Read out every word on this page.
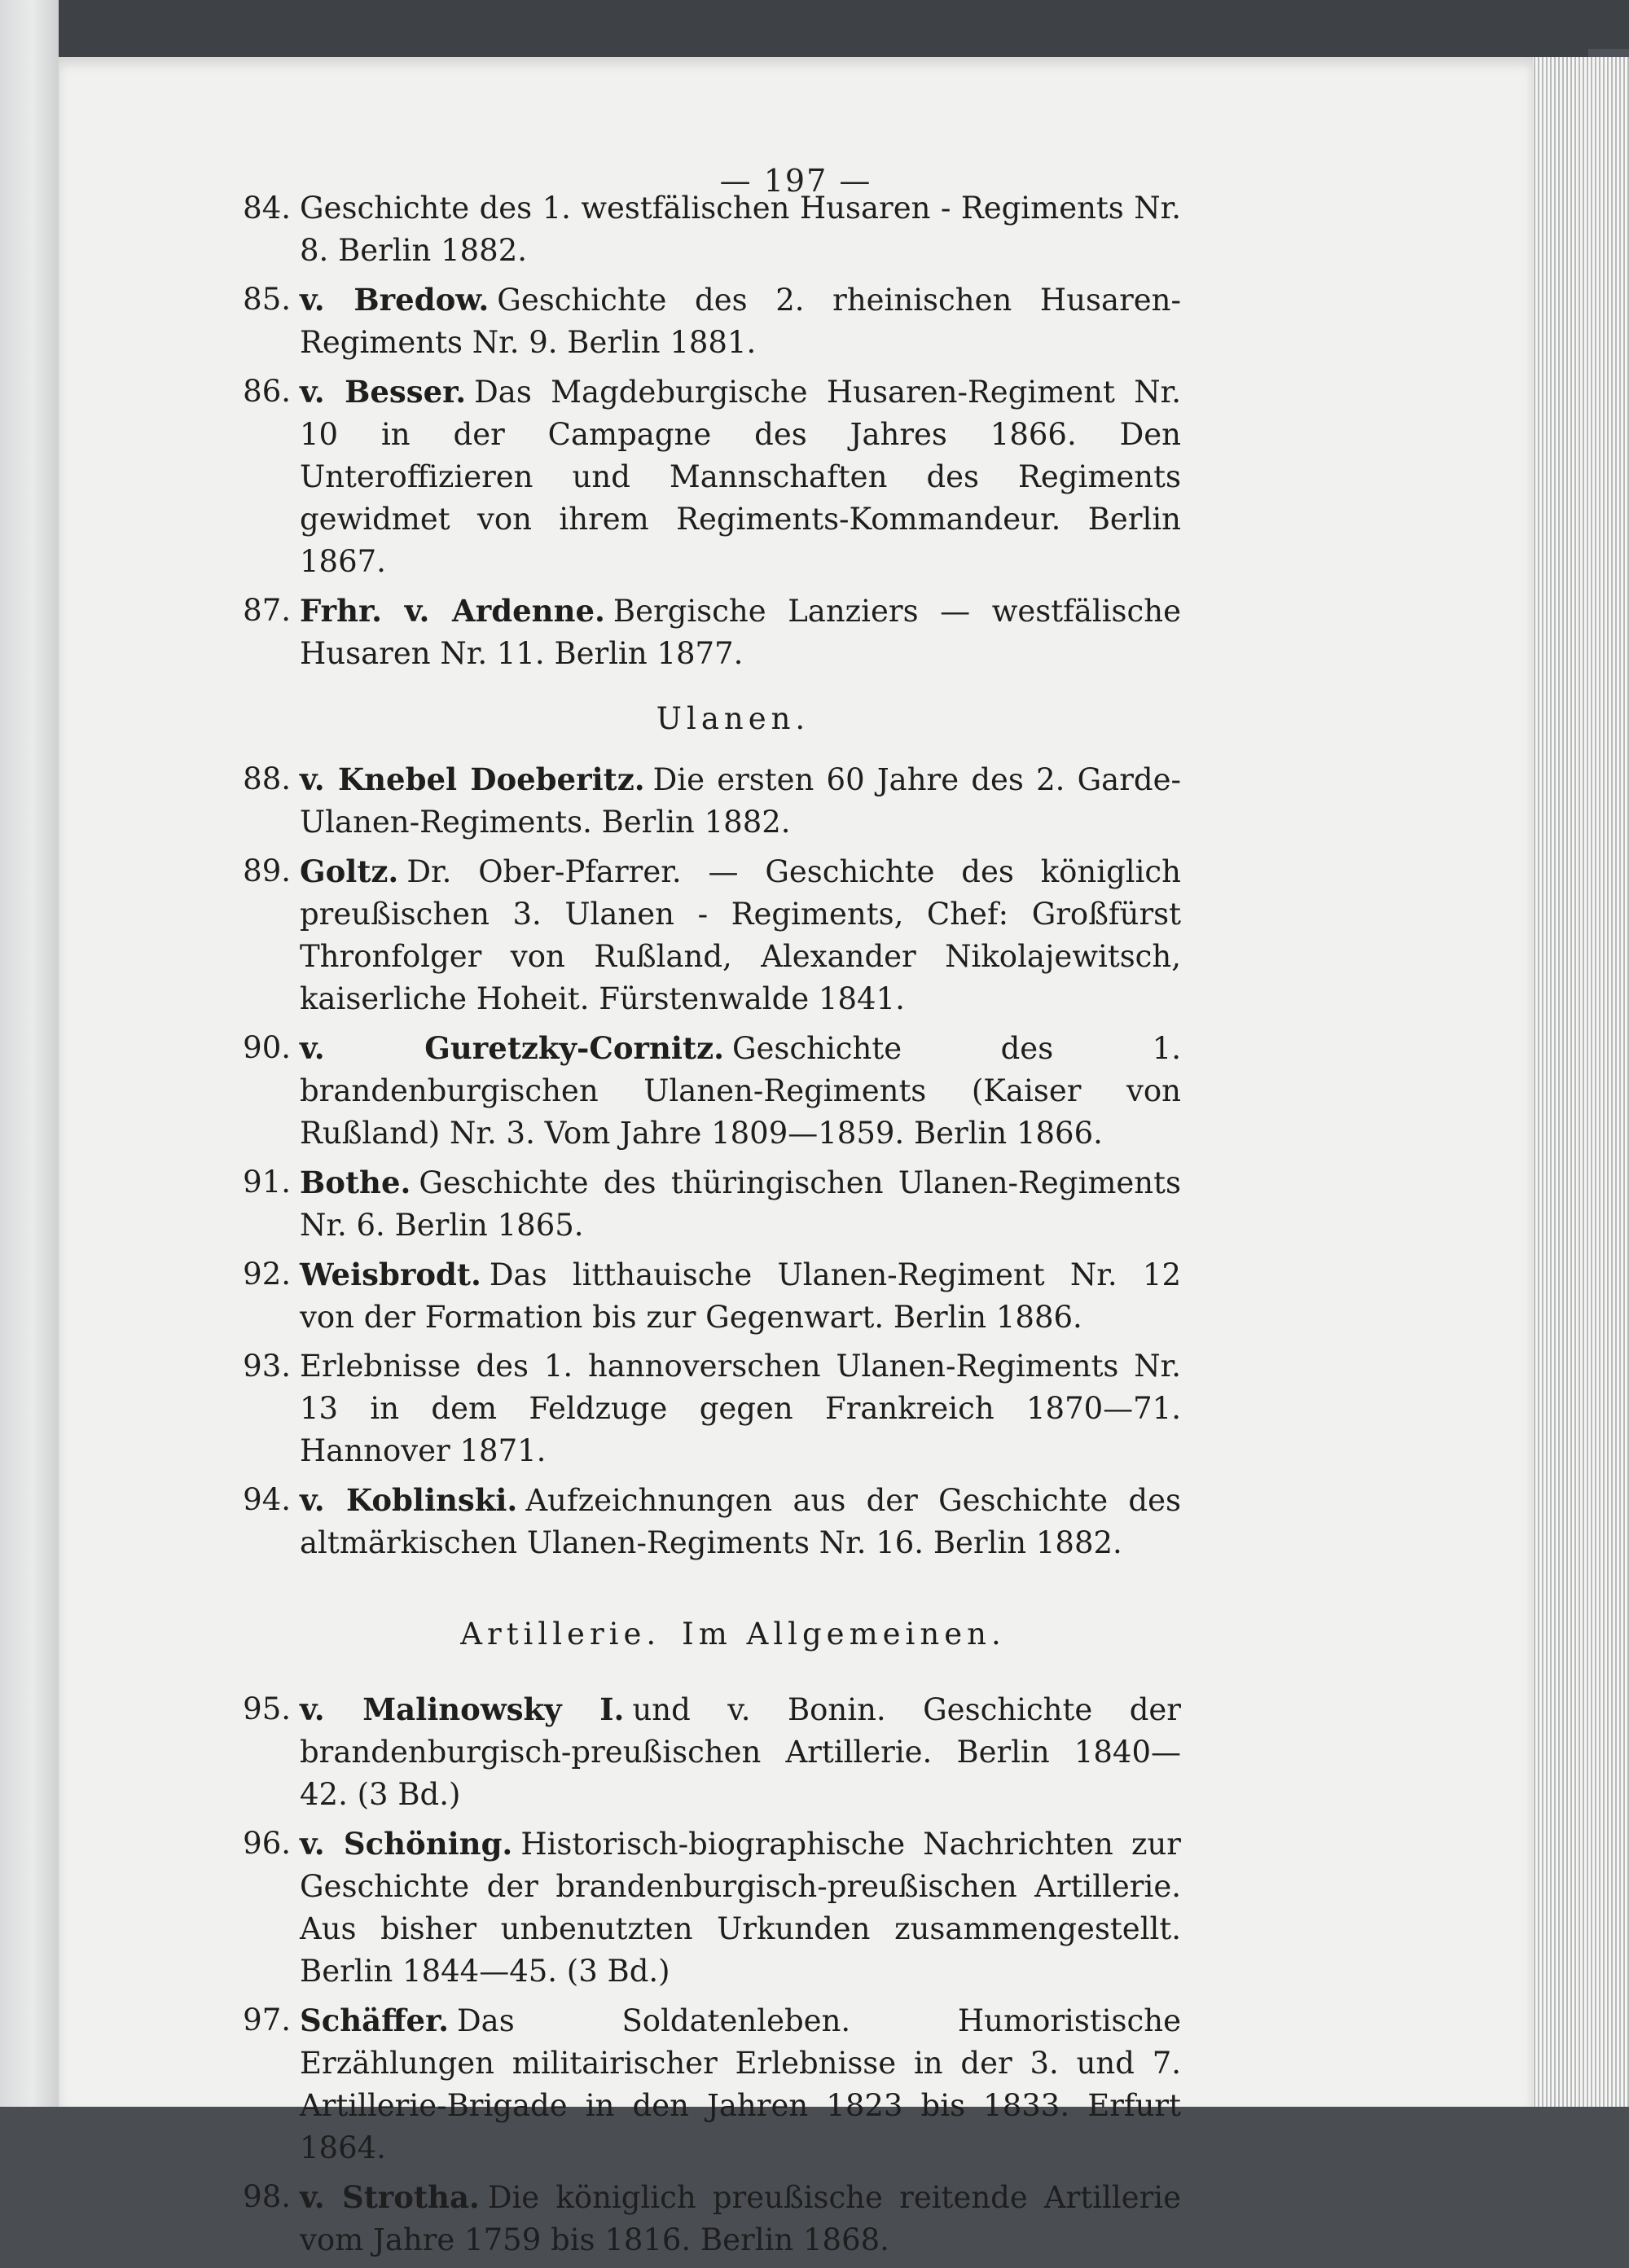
— 197 —
84. Geschichte des 1. westfälischen Husaren - Regiments Nr. 8. Berlin 1882.
85. v. Bredow. Geschichte des 2. rheinischen Husaren-Regiments Nr. 9. Berlin 1881.
86. v. Besser. Das Magdeburgische Husaren-Regiment Nr. 10 in der Campagne des Jahres 1866. Den Unteroffizieren und Mannschaften des Regiments gewidmet von ihrem Regiments-Kommandeur. Berlin 1867.
87. Frhr. v. Ardenne. Bergische Lanziers — westfälische Husaren Nr. 11. Berlin 1877.
Ulanen.
88. v. Knebel Doeberitz. Die ersten 60 Jahre des 2. Garde-Ulanen-Regiments. Berlin 1882.
89. Goltz. Dr. Ober-Pfarrer. — Geschichte des königlich preußischen 3. Ulanen - Regiments, Chef: Großfürst Thronfolger von Rußland, Alexander Nikolajewitsch, kaiserliche Hoheit. Fürstenwalde 1841.
90. v. Guretzky-Cornitz. Geschichte des 1. brandenburgischen Ulanen-Regiments (Kaiser von Rußland) Nr. 3. Vom Jahre 1809—1859. Berlin 1866.
91. Bothe. Geschichte des thüringischen Ulanen-Regiments Nr. 6. Berlin 1865.
92. Weisbrodt. Das litthauische Ulanen-Regiment Nr. 12 von der Formation bis zur Gegenwart. Berlin 1886.
93. Erlebnisse des 1. hannoverschen Ulanen-Regiments Nr. 13 in dem Feldzuge gegen Frankreich 1870—71. Hannover 1871.
94. v. Koblinski. Aufzeichnungen aus der Geschichte des altmärkischen Ulanen-Regiments Nr. 16. Berlin 1882.
Artillerie. Im Allgemeinen.
95. v. Malinowsky I. und v. Bonin. Geschichte der brandenburgisch-preußischen Artillerie. Berlin 1840—42. (3 Bd.)
96. v. Schöning. Historisch-biographische Nachrichten zur Geschichte der brandenburgisch-preußischen Artillerie. Aus bisher unbenutzten Urkunden zusammengestellt. Berlin 1844—45. (3 Bd.)
97. Schäffer. Das Soldatenleben. Humoristische Erzählungen militairischer Erlebnisse in der 3. und 7. Artillerie-Brigade in den Jahren 1823 bis 1833. Erfurt 1864.
98. v. Strotha. Die königlich preußische reitende Artillerie vom Jahre 1759 bis 1816. Berlin 1868.
